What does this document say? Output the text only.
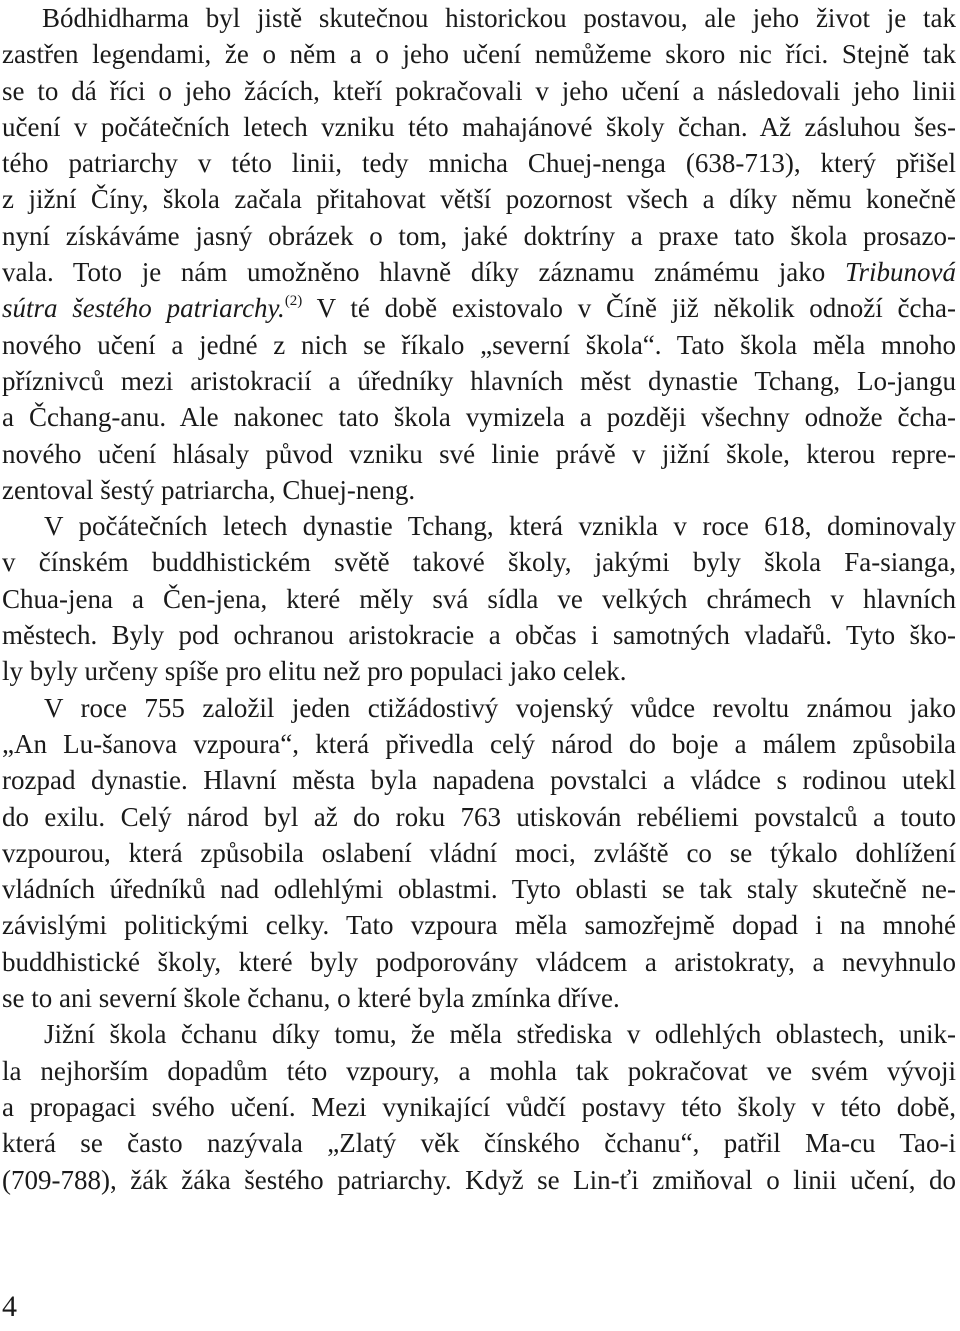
Bódhidharma byl jistě skutečnou historickou postavou, ale jeho život je tak
zastřen legendami, že o něm a o jeho učení nemůžeme skoro nic říci. Stejně tak
se to dá říci o jeho žácích, kteří pokračovali v jeho učení a následovali jeho linii
učení v počátečních letech vzniku této mahajánové školy čchan. Až zásluhou šes-
tého patriarchy v této linii, tedy mnicha Chuej-nenga (638-713), který přišel
z jižní Číny, škola začala přitahovat větší pozornost všech a díky němu konečně
nyní získáváme jasný obrázek o tom, jaké doktríny a praxe tato škola prosazo-
vala. Toto je nám umožněno hlavně díky záznamu známému jako Tribunová
sútra šestého patriarchy.$^{(2)}$ V té době existovalo v Číně již několik odnoží čcha-
nového učení a jedné z nich se říkalo „severní škola“. Tato škola měla mnoho
příznivců mezi aristokracií a úředníky hlavních měst dynastie Tchang, Lo-jangu
a Čchang-anu. Ale nakonec tato škola vymizela a později všechny odnože čcha-
nového učení hlásaly původ vzniku své linie právě v jižní škole, kterou repre-
zentoval šestý patriarcha, Chuej-neng.
V počátečních letech dynastie Tchang, která vznikla v roce 618, dominovaly
v čínském buddhistickém světě takové školy, jakými byly škola Fa-sianga,
Chua-jena a Čen-jena, které měly svá sídla ve velkých chrámech v hlavních
městech. Byly pod ochranou aristokracie a občas i samotných vladařů. Tyto ško-
ly byly určeny spíše pro elitu než pro populaci jako celek.
V roce 755 založil jeden ctižádostivý vojenský vůdce revoltu známou jako
„An Lu-šanova vzpoura“, která přivedla celý národ do boje a málem způsobila
rozpad dynastie. Hlavní města byla napadena povstalci a vládce s rodinou utekl
do exilu. Celý národ byl až do roku 763 utiskován rebéliemi povstalců a touto
vzpourou, která způsobila oslabení vládní moci, zvláště co se týkalo dohlížení
vládních úředníků nad odlehlými oblastmi. Tyto oblasti se tak staly skutečně ne-
závislými politickými celky. Tato vzpoura měla samozřejmě dopad i na mnohé
buddhistické školy, které byly podporovány vládcem a aristokraty, a nevyhnulo
se to ani severní škole čchanu, o které byla zmínka dříve.
Jižní škola čchanu díky tomu, že měla střediska v odlehlých oblastech, unik-
la nejhorším dopadům této vzpoury, a mohla tak pokračovat ve svém vývoji
a propagaci svého učení. Mezi vynikající vůdčí postavy této školy v této době,
která se často nazývala „Zlatý věk čínského čchanu“, patřil Ma-cu Tao-i
(709-788), žák žáka šestého patriarchy. Když se Lin-ťi zmiňoval o linii učení, do
4
